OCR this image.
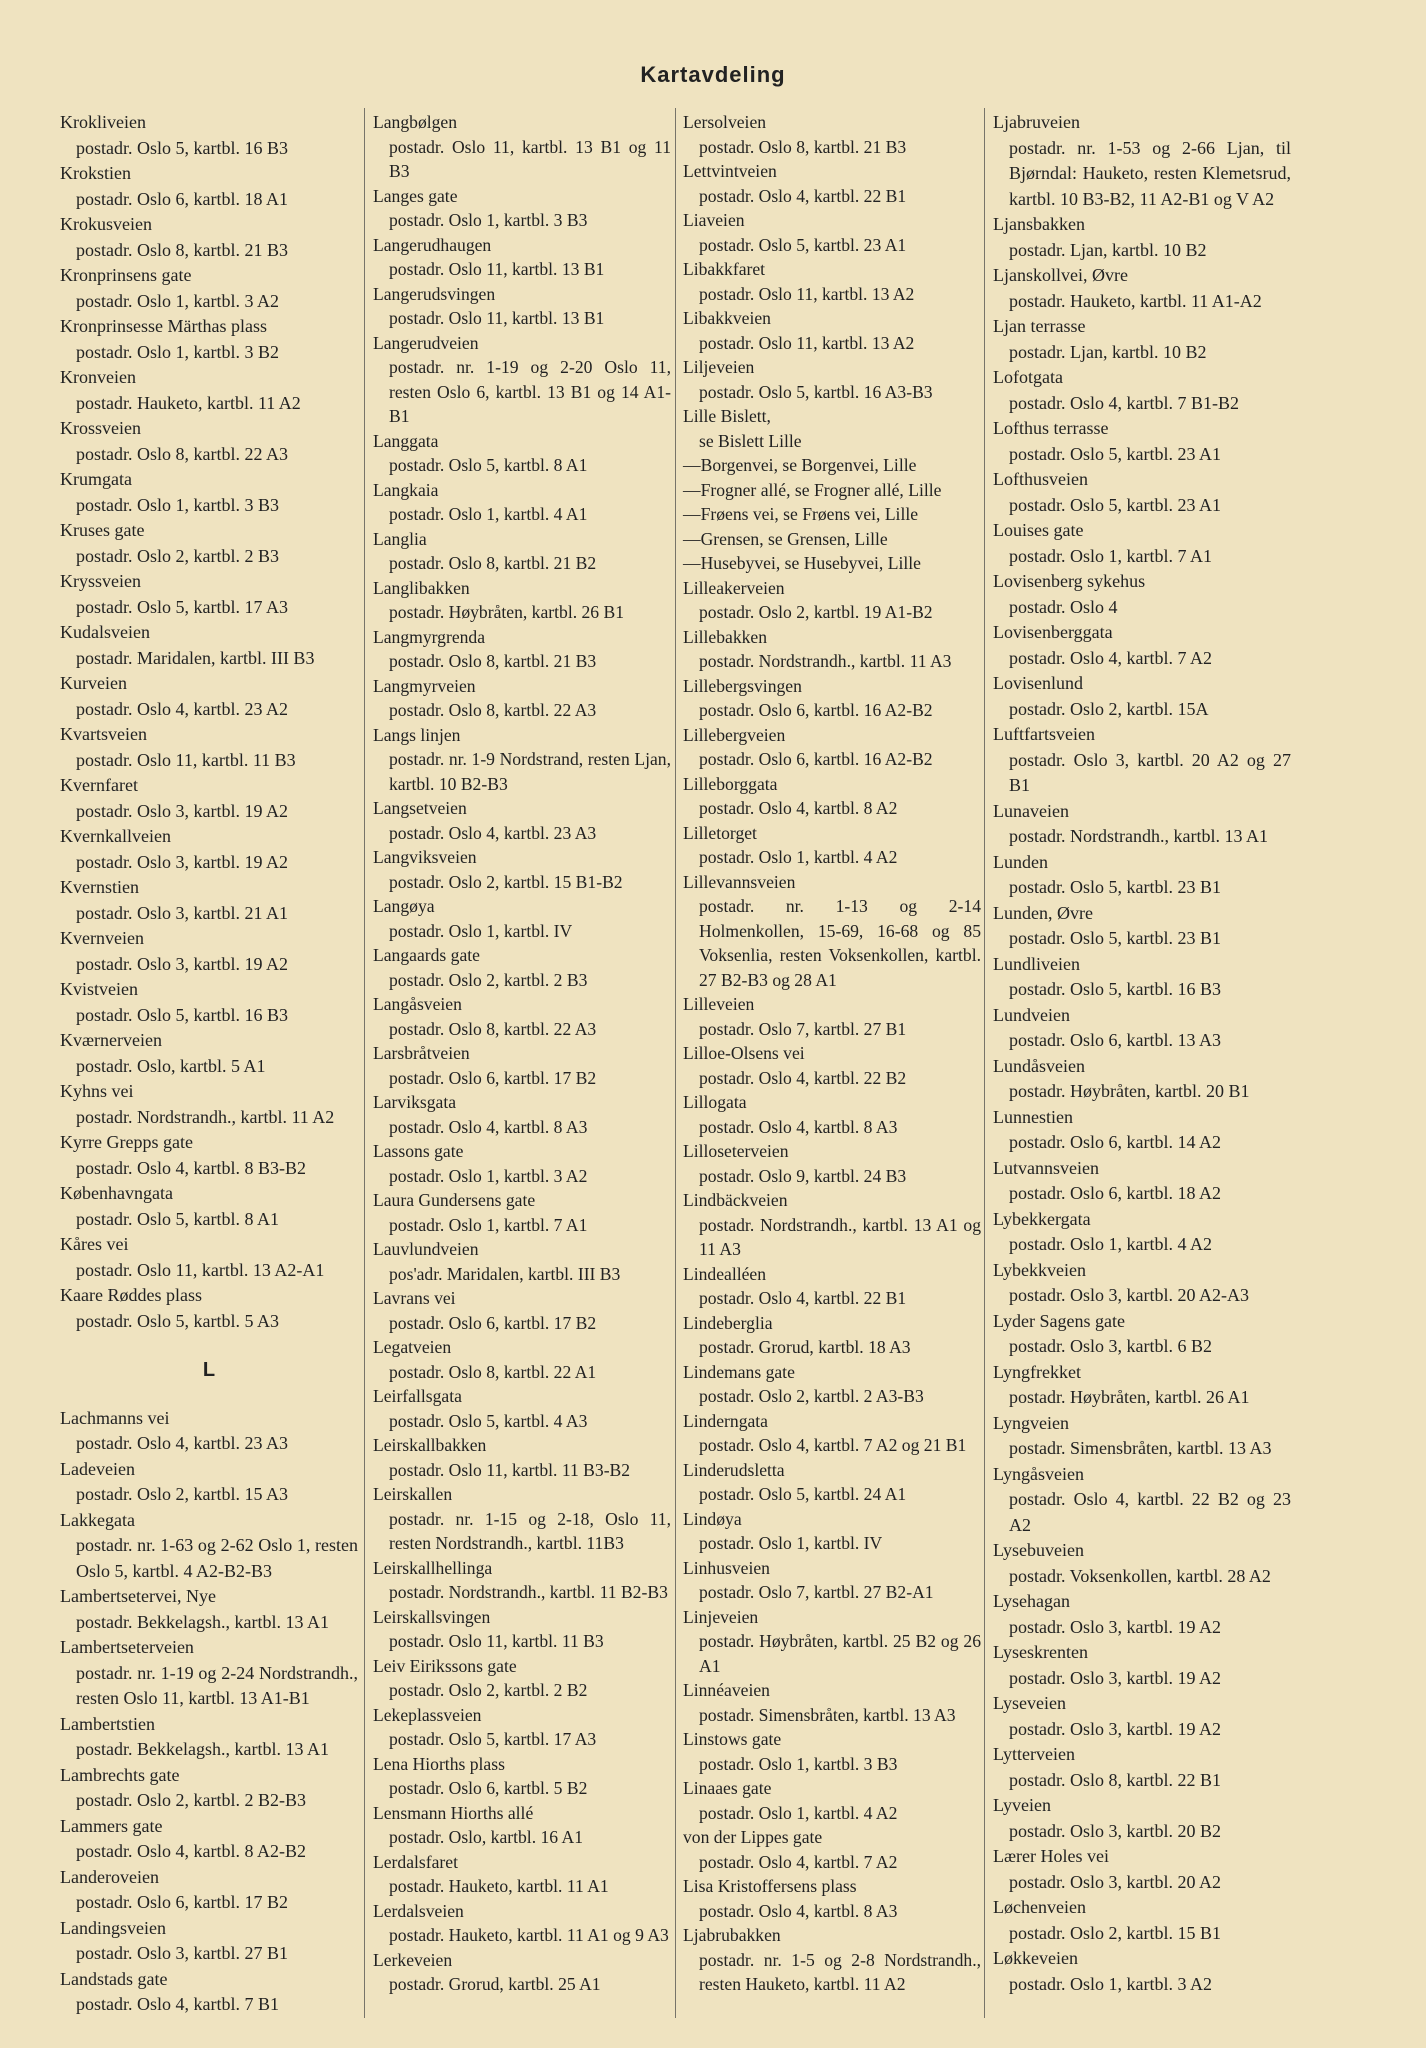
Kartavdeling
Krokliveien
postadr. Oslo 5, kartbl. 16 B3
Krokstien
postadr. Oslo 6, kartbl. 18 A1
Krokusveien
postadr. Oslo 8, kartbl. 21 B3
Kronprinsens gate
postadr. Oslo 1, kartbl. 3 A2
Kronprinsesse Märthas plass
postadr. Oslo 1, kartbl. 3 B2
Kronveien
postadr. Hauketo, kartbl. 11 A2
Krossveien
postadr. Oslo 8, kartbl. 22 A3
Krumgata
postadr. Oslo 1, kartbl. 3 B3
Kruses gate
postadr. Oslo 2, kartbl. 2 B3
Kryssveien
postadr. Oslo 5, kartbl. 17 A3
Kudalsveien
postadr. Maridalen, kartbl. III B3
Kurveien
postadr. Oslo 4, kartbl. 23 A2
Kvartsveien
postadr. Oslo 11, kartbl. 11 B3
Kvernfaret
postadr. Oslo 3, kartbl. 19 A2
Kvernkallveien
postadr. Oslo 3, kartbl. 19 A2
Kvernstien
postadr. Oslo 3, kartbl. 21 A1
Kvernveien
postadr. Oslo 3, kartbl. 19 A2
Kvistveien
postadr. Oslo 5, kartbl. 16 B3
Kværnerveien
postadr. Oslo, kartbl. 5 A1
Kyhns vei
postadr. Nordstrandh., kartbl. 11 A2
Kyrre Grepps gate
postadr. Oslo 4, kartbl. 8 B3-B2
Københavngata
postadr. Oslo 5, kartbl. 8 A1
Kåres vei
postadr. Oslo 11, kartbl. 13 A2-A1
Kaare Røddes plass
postadr. Oslo 5, kartbl. 5 A3
L
Lachmanns vei
postadr. Oslo 4, kartbl. 23 A3
Ladeveien
postadr. Oslo 2, kartbl. 15 A3
Lakkegata
postadr. nr. 1-63 og 2-62 Oslo 1, resten Oslo 5, kartbl. 4 A2-B2-B3
Lambertsetervei, Nye
postadr. Bekkelagsh., kartbl. 13 A1
Lambertseterveien
postadr. nr. 1-19 og 2-24 Nordstrandh., resten Oslo 11, kartbl. 13 A1-B1
Lambertstien
postadr. Bekkelagsh., kartbl. 13 A1
Lambrechts gate
postadr. Oslo 2, kartbl. 2 B2-B3
Lammers gate
postadr. Oslo 4, kartbl. 8 A2-B2
Landeroveien
postadr. Oslo 6, kartbl. 17 B2
Landingsveien
postadr. Oslo 3, kartbl. 27 B1
Landstads gate
postadr. Oslo 4, kartbl. 7 B1
Langbølgen
postadr. Oslo 11, kartbl. 13 B1 og 11 B3
Langes gate
postadr. Oslo 1, kartbl. 3 B3
Langerudhaugen
postadr. Oslo 11, kartbl. 13 B1
Langerudsvingen
postadr. Oslo 11, kartbl. 13 B1
Langerudveien
postadr. nr. 1-19 og 2-20 Oslo 11, resten Oslo 6, kartbl. 13 B1 og 14 A1-B1
Langgata
postadr. Oslo 5, kartbl. 8 A1
Langkaia
postadr. Oslo 1, kartbl. 4 A1
Langlia
postadr. Oslo 8, kartbl. 21 B2
Langlibakken
postadr. Høybråten, kartbl. 26 B1
Langmyrgrenda
postadr. Oslo 8, kartbl. 21 B3
Langmyrveien
postadr. Oslo 8, kartbl. 22 A3
Langs linjen
postadr. nr. 1-9 Nordstrand, resten Ljan, kartbl. 10 B2-B3
Langsetveien
postadr. Oslo 4, kartbl. 23 A3
Langviksveien
postadr. Oslo 2, kartbl. 15 B1-B2
Langøya
postadr. Oslo 1, kartbl. IV
Langaards gate
postadr. Oslo 2, kartbl. 2 B3
Langåsveien
postadr. Oslo 8, kartbl. 22 A3
Larsbråtveien
postadr. Oslo 6, kartbl. 17 B2
Larviksgata
postadr. Oslo 4, kartbl. 8 A3
Lassons gate
postadr. Oslo 1, kartbl. 3 A2
Laura Gundersens gate
postadr. Oslo 1, kartbl. 7 A1
Lauvlundveien
pos'adr. Maridalen, kartbl. III B3
Lavrans vei
postadr. Oslo 6, kartbl. 17 B2
Legatveien
postadr. Oslo 8, kartbl. 22 A1
Leirfallsgata
postadr. Oslo 5, kartbl. 4 A3
Leirskallbakken
postadr. Oslo 11, kartbl. 11 B3-B2
Leirskallen
postadr. nr. 1-15 og 2-18, Oslo 11, resten Nordstrandh., kartbl. 11B3
Leirskallhellinga
postadr. Nordstrandh., kartbl. 11 B2-B3
Leirskallsvingen
postadr. Oslo 11, kartbl. 11 B3
Leiv Eirikssons gate
postadr. Oslo 2, kartbl. 2 B2
Lekeplassveien
postadr. Oslo 5, kartbl. 17 A3
Lena Hiorths plass
postadr. Oslo 6, kartbl. 5 B2
Lensmann Hiorths allé
postadr. Oslo, kartbl. 16 A1
Lerdalsfaret
postadr. Hauketo, kartbl. 11 A1
Lerdalsveien
postadr. Hauketo, kartbl. 11 A1 og 9 A3
Lerkeveien
postadr. Grorud, kartbl. 25 A1
Lersolveien
postadr. Oslo 8, kartbl. 21 B3
Lettvintveien
postadr. Oslo 4, kartbl. 22 B1
Liaveien
postadr. Oslo 5, kartbl. 23 A1
Libakkfaret
postadr. Oslo 11, kartbl. 13 A2
Libakkveien
postadr. Oslo 11, kartbl. 13 A2
Liljeveien
postadr. Oslo 5, kartbl. 16 A3-B3
Lille Bislett,
se Bislett Lille
—Borgenvei, se Borgenvei, Lille
—Frogner allé, se Frogner allé, Lille
—Frøens vei, se Frøens vei, Lille
—Grensen, se Grensen, Lille
—Husebyvei, se Husebyvei, Lille
Lilleakerveien
postadr. Oslo 2, kartbl. 19 A1-B2
Lillebakken
postadr. Nordstrandh., kartbl. 11 A3
Lillebergsvingen
postadr. Oslo 6, kartbl. 16 A2-B2
Lillebergveien
postadr. Oslo 6, kartbl. 16 A2-B2
Lilleborggata
postadr. Oslo 4, kartbl. 8 A2
Lilletorget
postadr. Oslo 1, kartbl. 4 A2
Lillevannsveien
postadr. nr. 1-13 og 2-14 Holmenkollen, 15-69, 16-68 og 85 Voksenlia, resten Voksenkollen, kartbl. 27 B2-B3 og 28 A1
Lilleveien
postadr. Oslo 7, kartbl. 27 B1
Lilloe-Olsens vei
postadr. Oslo 4, kartbl. 22 B2
Lillogata
postadr. Oslo 4, kartbl. 8 A3
Lilloseterveien
postadr. Oslo 9, kartbl. 24 B3
Lindbäckveien
postadr. Nordstrandh., kartbl. 13 A1 og 11 A3
Lindealléen
postadr. Oslo 4, kartbl. 22 B1
Lindeberglia
postadr. Grorud, kartbl. 18 A3
Lindemans gate
postadr. Oslo 2, kartbl. 2 A3-B3
Linderngata
postadr. Oslo 4, kartbl. 7 A2 og 21 B1
Linderudsletta
postadr. Oslo 5, kartbl. 24 A1
Lindøya
postadr. Oslo 1, kartbl. IV
Linhusveien
postadr. Oslo 7, kartbl. 27 B2-A1
Linjeveien
postadr. Høybråten, kartbl. 25 B2 og 26 A1
Linnéaveien
postadr. Simensbråten, kartbl. 13 A3
Linstows gate
postadr. Oslo 1, kartbl. 3 B3
Linaaes gate
postadr. Oslo 1, kartbl. 4 A2
von der Lippes gate
postadr. Oslo 4, kartbl. 7 A2
Lisa Kristoffersens plass
postadr. Oslo 4, kartbl. 8 A3
Ljabrubakken
postadr. nr. 1-5 og 2-8 Nordstrandh., resten Hauketo, kartbl. 11 A2
Ljabruveien
postadr. nr. 1-53 og 2-66 Ljan, til Bjørndal: Hauketo, resten Klemetsrud, kartbl. 10 B3-B2, 11 A2-B1 og V A2
Ljansbakken
postadr. Ljan, kartbl. 10 B2
Ljanskollvei, Øvre
postadr. Hauketo, kartbl. 11 A1-A2
Ljan terrasse
postadr. Ljan, kartbl. 10 B2
Lofotgata
postadr. Oslo 4, kartbl. 7 B1-B2
Lofthus terrasse
postadr. Oslo 5, kartbl. 23 A1
Lofthusveien
postadr. Oslo 5, kartbl. 23 A1
Louises gate
postadr. Oslo 1, kartbl. 7 A1
Lovisenberg sykehus
postadr. Oslo 4
Lovisenberggata
postadr. Oslo 4, kartbl. 7 A2
Lovisenlund
postadr. Oslo 2, kartbl. 15A
Luftfartsveien
postadr. Oslo 3, kartbl. 20 A2 og 27 B1
Lunaveien
postadr. Nordstrandh., kartbl. 13 A1
Lunden
postadr. Oslo 5, kartbl. 23 B1
Lunden, Øvre
postadr. Oslo 5, kartbl. 23 B1
Lundliveien
postadr. Oslo 5, kartbl. 16 B3
Lundveien
postadr. Oslo 6, kartbl. 13 A3
Lundåsveien
postadr. Høybråten, kartbl. 20 B1
Lunnestien
postadr. Oslo 6, kartbl. 14 A2
Lutvannsveien
postadr. Oslo 6, kartbl. 18 A2
Lybekkergata
postadr. Oslo 1, kartbl. 4 A2
Lybekkveien
postadr. Oslo 3, kartbl. 20 A2-A3
Lyder Sagens gate
postadr. Oslo 3, kartbl. 6 B2
Lyngfrekket
postadr. Høybråten, kartbl. 26 A1
Lyngveien
postadr. Simensbråten, kartbl. 13 A3
Lyngåsveien
postadr. Oslo 4, kartbl. 22 B2 og 23 A2
Lysebuveien
postadr. Voksenkollen, kartbl. 28 A2
Lysehagan
postadr. Oslo 3, kartbl. 19 A2
Lyseskrenten
postadr. Oslo 3, kartbl. 19 A2
Lyseveien
postadr. Oslo 3, kartbl. 19 A2
Lytterveien
postadr. Oslo 8, kartbl. 22 B1
Lyveien
postadr. Oslo 3, kartbl. 20 B2
Lærer Holes vei
postadr. Oslo 3, kartbl. 20 A2
Løchenveien
postadr. Oslo 2, kartbl. 15 B1
Løkkeveien
postadr. Oslo 1, kartbl. 3 A2
